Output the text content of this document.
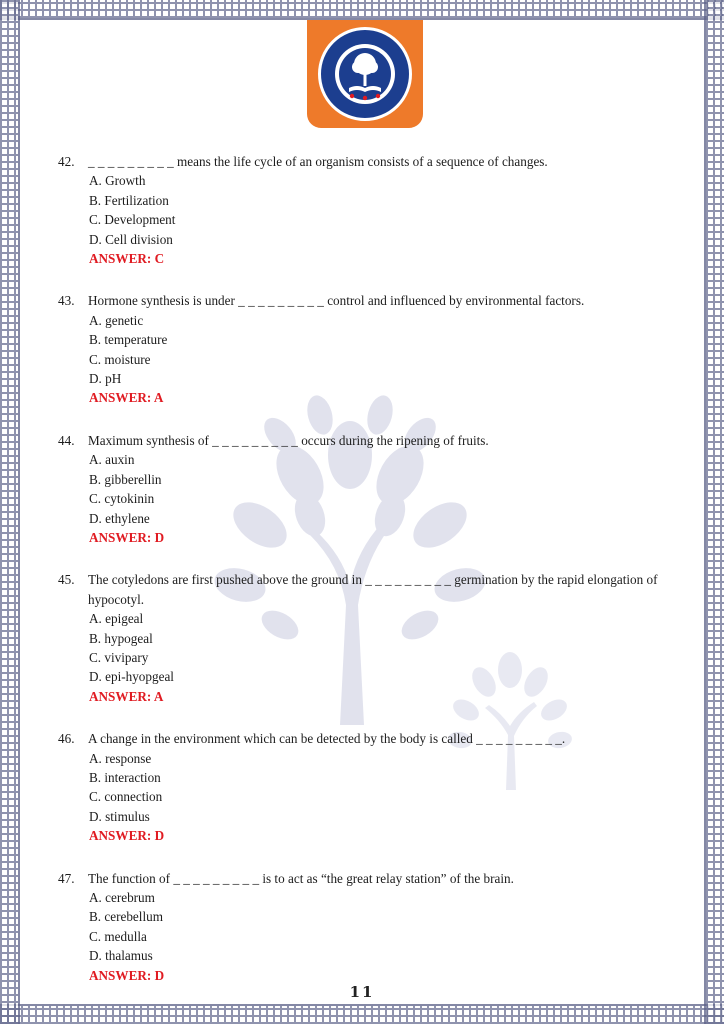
42. _ _ _ _ _ _ _ _ _ means the life cycle of an organism consists of a sequence of changes.
A. Growth
B. Fertilization
C. Development
D. Cell division
ANSWER: C
43. Hormone synthesis is under _ _ _ _ _ _ _ _ _ control and influenced by environmental factors.
A. genetic
B. temperature
C. moisture
D. pH
ANSWER: A
44. Maximum synthesis of _ _ _ _ _ _ _ _ _ occurs during the ripening of fruits.
A. auxin
B. gibberellin
C. cytokinin
D. ethylene
ANSWER: D
45. The cotyledons are first pushed above the ground in _ _ _ _ _ _ _ _ _ germination by the rapid elongation of hypocotyl.
A. epigeal
B. hypogeal
C. vivipary
D. epi-hyopgeal
ANSWER: A
46. A change in the environment which can be detected by the body is called _ _ _ _ _ _ _ _ _.
A. response
B. interaction
C. connection
D. stimulus
ANSWER: D
47. The function of _ _ _ _ _ _ _ _ _ is to act as “the great relay station” of the brain.
A. cerebrum
B. cerebellum
C. medulla
D. thalamus
ANSWER: D
11
